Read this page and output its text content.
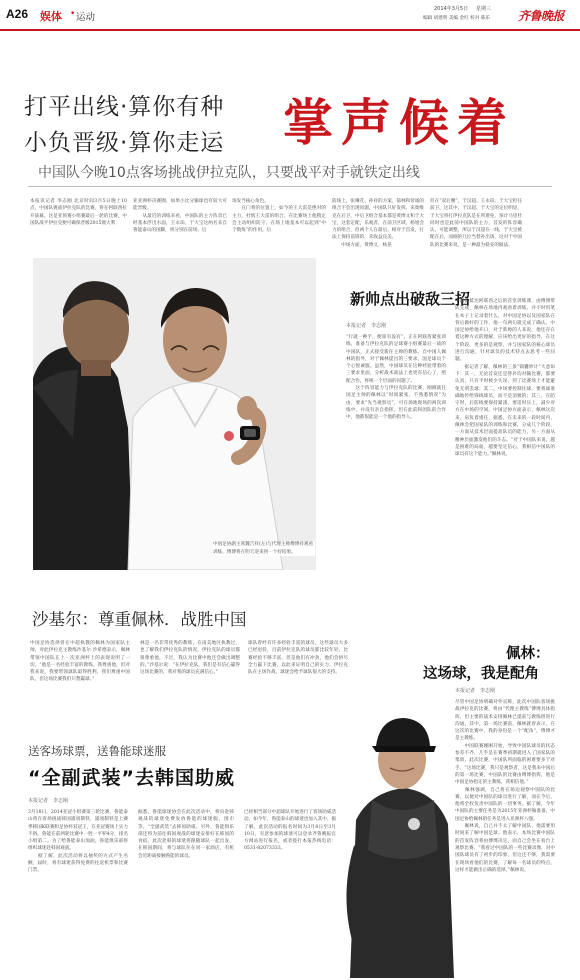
A26 娱体 • 运动
2014年3月5日 星期三
编辑 胡建明 美编 金红 校对 陈乐 齐鲁晚报
打平出线·算你有种
小负晋级·算你走运 掌声候着
中国队今晚10点客场挑战伊拉克队，只要战平对手就铁定出线
本报讯记者 李志刚 北京时间3月5日晚上10点，中国队挑战伊拉克队的比赛，将在阿联酋拉开战幕。这是亚预赛小组赛最后一轮的比赛，中国队战平伊拉克便可确保晋级2015澳大利
亚亚洲杯决赛圈，如果小比分输球也有较大可能晋级。
　　从最近的训练来看，中国队的主力阵容已经基本浮出水面，王永珀、于大宝这两名来自鲁能泰山的国脚，将分别在前场、后
场发当核心角色。
　　在门将的位置上，如今的王大雷是绝对的主力，杜辉王大雷的组合，在比赛场上他稍定会主动组织防守，在场上地基本可以起到“中个数炼”的作用。后
防线上，张琳芃、孙祥的方案，郜林和曾诚的组合不会出现问题，中国队只好发挥，来奥维克在后卫，中后卫组合基本都是黄博文和于大宝，这套定配，乐观者、在前卫区域，杨旭会力的组合，但两个人在最后，相对于首发，打法上保持前锋的，未收益良美。
　　中场方面，黄博文、杨晃
但在“双后腰”，于汉超、王永珀、于大宝担任前卫，这其中，于汉超、于大宝的定位明显，于大宝将打伊拉克队是在所难免，预计马里杜同时也是此前中国队的主力，首发的阵容确认，可能调整。所以于汉超在一线，于大宝被配在后，而刚的几位当替补出场，这对于中国队的比赛来说，是一种最为稳妥的做法。
中国足协副主席魏吉祥(左)与代理主帅傅博祥观看训练，傅博将在明天迎来到一个好结果。
新帅点出破敌三招
本报记者　李志刚
“行就一种手，便知有没有”，正在阿联酋紧张训练，准备与伊拉克队的足球赛小组赛最后一战的中国队，正式接受新任主帅的教练。自中国人佩林的指导，对于佩林提出的三要求，国足球员个个心悦诚服。虽然，中国球员在这种经验带着的三要求里面，分析战术战法上也更有信心了，照配合作，将统一个层面的问题了。
　　这个阵容能力与伊拉克队的比赛，刚刚就任国足主帅的佩林以“时间紧张，不熟悉情况”为由，要求“先当观察员”，可在场地现场的两次训练中，并没有亲自指挥，但在此前和团队的合作中，他都很能是一个他的指导人。
中国队抵达阿联酋之后的首堂训练课，由傅博带队完成，佩林在场地内观看着训练。并不时用笔在本子上记录着什么，对中国足协以及国家队在背后做好的工作，他一句两句就完成了确认。中国足协给他开口，对于新帅的人来说，他还存在着这种方式的理解，应该给出更好的指导，在这个阶段，更多的是观察，并与国家队的核心球员进行沟通，针对球员的技术特点去思考一些问题。
　　据记者了解，佩林的三条“锦囊妙计”大意如下：其一，无论首发还是替补均对输比赛，都要认真，只有平时被少失误，到了比赛场上才能避免无谓丢球；其二，中场要控制住球，要将球准确地传给锋线球员，而不是消极的；其三，在防守时，后防线要保持紧凑，要适时压上，减少对方在中场的空间。中国足协方面表示，佩林这次来，肩负着重任，据悉，在未来的一段时间内，佩林会把国家队的训练和比赛，分成几个阶段，一方面从技术层面提高队员的能力，另一方面从精神层面激发他们的斗志。“对于中国队来说，越是困难的局面，越要坚定信心，我相信中国队的球员有这个能力。”佩林说。
佩林：
这场球，我是配角
本报记者　李志刚
尽管中国足协明确对外宣称，此次中国队客场挑战伊拉克的比赛，将由“代理主教练”傅博具体指挥，但主要的战术安排佩林已提前与教练组进行沟通，其中，第一场比赛前，佩林就曾表示，在这次的比赛中，我的身份是一个“配角”，傅博才是主教练。
　　中国联赛刚刚开始，导致中国队球员的状态参差不齐，几乎是在赛季初期就进入了国家队的集训，此次比赛，中国队所面临的困难要多于对手。“这场比赛，我只是观察者，这是我来中国后的第一场比赛，中国队的比赛由傅博指挥，他是中国足协指定的主教练，我相信他。”
　　佩林强调，自己将在场边观察中国队的比赛，以便对中国队的球员进行了解，而在今后，他将全权负责中国队的一切事务。据了解，今年中国队的主要任务是为2015年亚洲杯做准备，中国足协给佩林的任务是进入亚洲杯八强。
　　佩林说，自己并不太了解中国队，他需要用时间来了解中国足球。他表示，本场比赛中国队的首发阵容将由傅博决定，而自己会坐在看台上观察比赛。“我看过中国队的一些比赛录像，对中国队球员有了初步的印象，但这还不够，我需要在现场看他们的比赛，了解每一名球员的特点，这样才能做出正确的选择。”佩林说。
沙基尔：尊重佩林．战胜中国
中国足协选择曾在中超执教的佩林为国家队主帅，对此伊拉克主教练沙基尔·沙希德表示，佩林带领中国队在上一次亚洲杯上的表现说明了一切。“他是一名经验丰富的教练，我尊重他，但对我来说，我要带领球队取得胜利，我们尊重中国队，但这场比赛我们只想赢球。”
林是一名非常优秀的教练，在南美地区执教过，也了解我们伊拉克队的情况，伊拉克队的球员都很尊重他，不过，我认为比赛中他还会做出调整的。”沙基尔说：“在伊拉克队，我们是有信心赢得这场比赛的，我对我的球员充满信心。”
球队曾经有许多经验丰富的球员，这些球员大多已经退役，目前伊拉克队的球员都比较年轻，比赛经验不够丰富，但是他们有冲劲，他们会拼尽全力赢下比赛，以此来证明自己的实力。伊拉克队在主场作战，球迷会给予球队很大的支持。
送客场球票，送鲁能球迷服
“全副武装”去韩国助威
本报记者　李志刚
3月18日，2014亚冠小组赛第三轮比赛，鲁能泰山将在客场挑战韩国浦项制铁，浦项制铁是上赛季韩国K联赛和足协杯双冠王，在亚冠赛场上实力不俗。鲁能在前两轮比赛中一胜一平积4分，排名小组第二。为了给鲁能泰山加油，鲁能俱乐部将组织球迷赴韩国观战。
　　据了解，此次活动将以抽奖的方式产生名额，届时，将有球迷获得免费的往返机票和比赛门票。
据悉，鲁能球迷协会在此次活动中，将向赴韩观战的球迷免费发放鲁能的球迷服、围巾等，“全副武装”去韩国助威。另外，鲁能俱乐部还将为前往韩国观战的球迷安排好在韩国的食宿。此次赴韩的球迷将跟随球队一起出发，在韩国期间，将与球队住在同一家酒店，有机会近距离接触鲁能的球员。
已经相当部分中超球队开始进行了客场助威活动，如今年，鲁能泰山的球迷也加入其中。据了解，此次活动的报名时间为3月8日至3月10日，有意参加的球迷可以登录齐鲁晚报官方网站进行报名，或者拨打本报热线电话：0531-82073333。
